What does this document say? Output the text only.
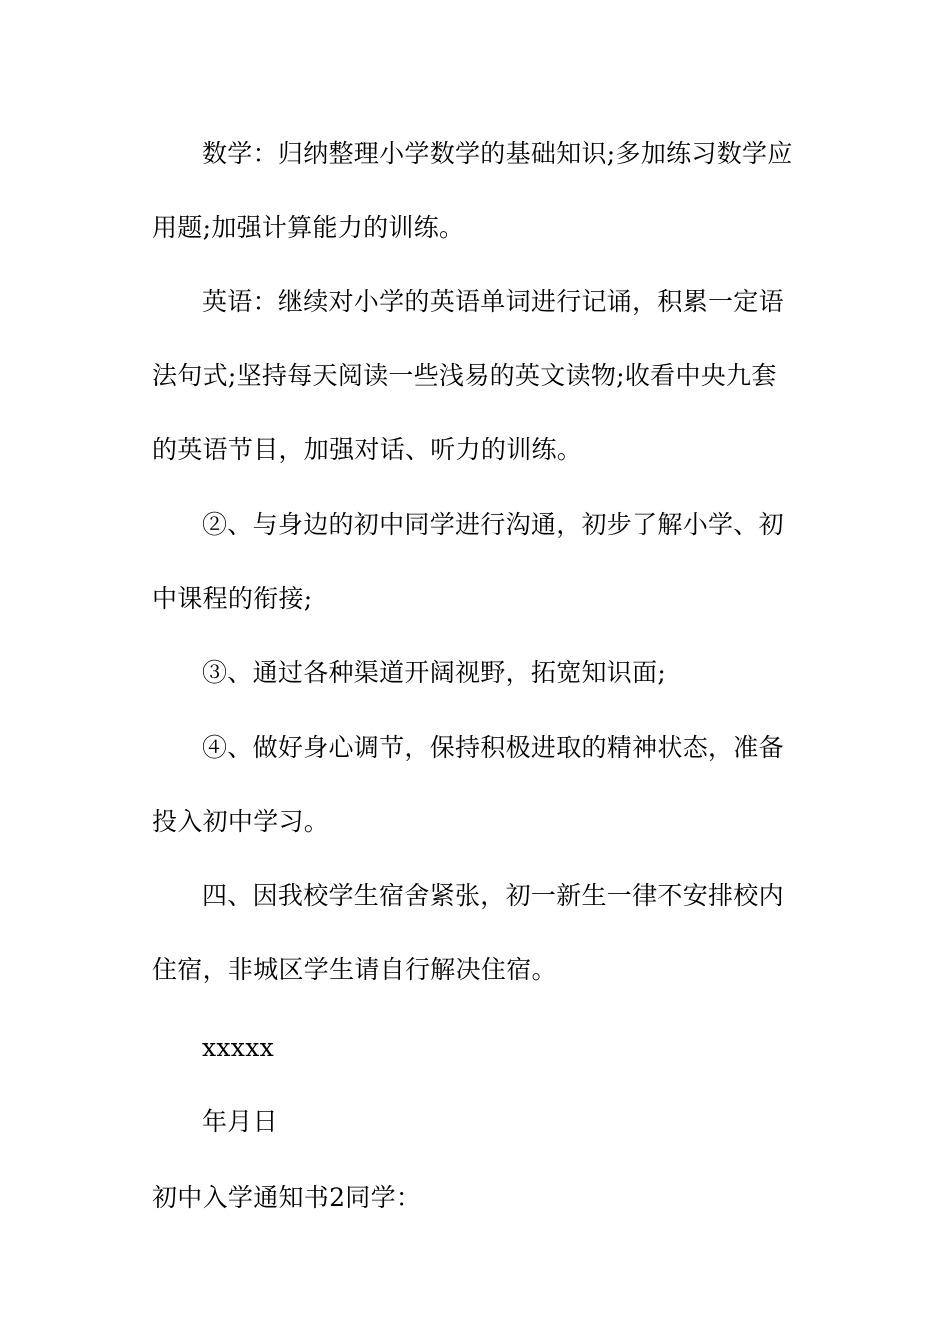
数学：归纳整理小学数学的基础知识;多加练习数学应
用题;加强计算能力的训练。
英语：继续对小学的英语单词进行记诵，积累一定语
法句式;坚持每天阅读一些浅易的英文读物;收看中央九套
的英语节目，加强对话、听力的训练。
②、与身边的初中同学进行沟通，初步了解小学、初
中课程的衔接;
③、通过各种渠道开阔视野，拓宽知识面;
④、做好身心调节，保持积极进取的精神状态，准备
投入初中学习。
四、因我校学生宿舍紧张，初一新生一律不安排校内
住宿，非城区学生请自行解决住宿。
xxxxx
年月日
初中入学通知书2同学：
